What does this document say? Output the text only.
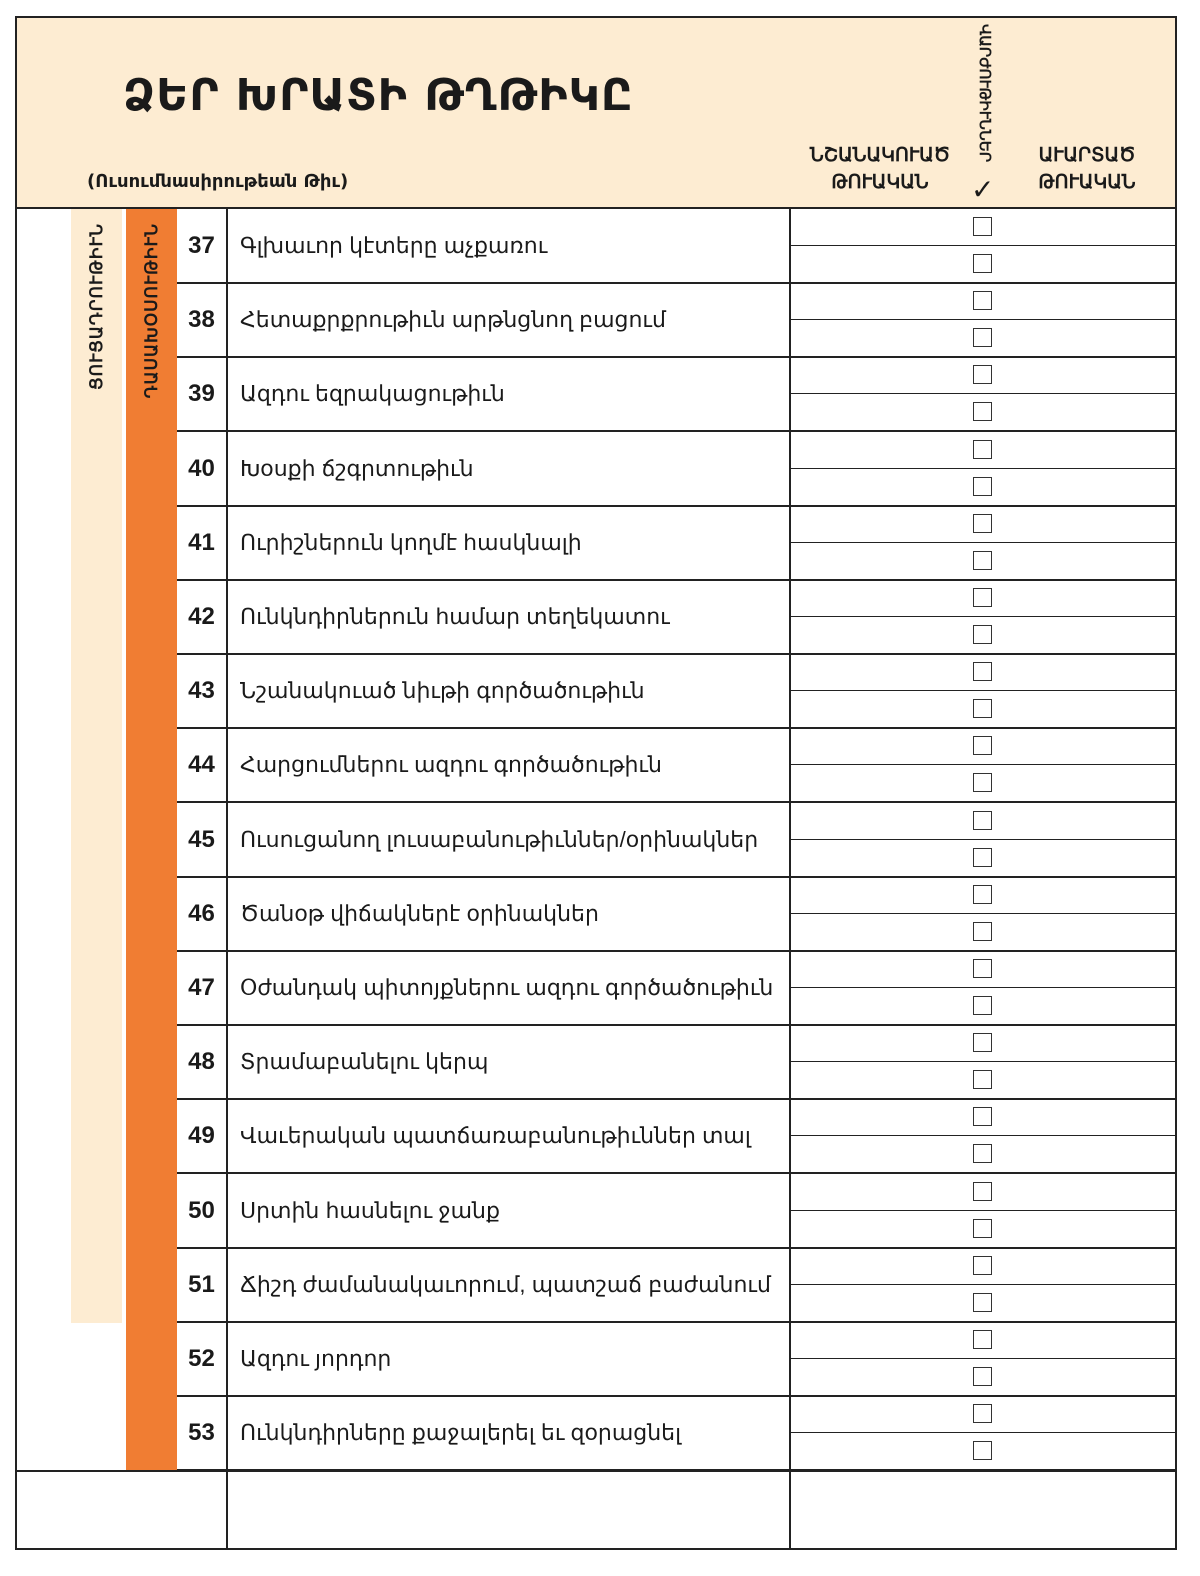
ՁԵՐ ԽՐԱՏԻ ԹՂԹԻԿԸ
(Ուսումնասիրութեան Թիւ)
ՆՇԱՆԱԿՈՒԱԾ ԹՈՒԱԿԱՆ
ՎԱՐԺՈՒԹԻՒՆՆԵՐ
✓
ԱՒԱՐՏԱԾ ԹՈՒԱԿԱՆ
ՑՈՒՑԱԴՐՈՒԹԻՒՆ	ԴԱՍԱԽՕՍՈՒԹԻՒՆ	37	Գլխաւոր կէտերը աչքառու
38	Հետաքրքրութիւն արթնցնող բացում
39	Ազդու եզրակացութիւն
40	Խօսքի ճշգրտութիւն
41	Ուրիշներուն կողմէ հասկնալի
42	Ունկնդիրներուն համար տեղեկատու
43	Նշանակուած նիւթի գործածութիւն
44	Հարցումներու ազդու գործածութիւն
45	Ուսուցանող լուսաբանութիւններ/օրինակներ
46	Ծանօթ վիճակներէ օրինակներ
47	Օժանդակ պիտոյքներու ազդու գործածութիւն
48	Տրամաբանելու կերպ
49	Վաւերական պատճառաբանութիւններ տալ
50	Սրտին հասնելու ջանք
51	Ճիշդ ժամանակաւորում, պատշաճ բաժանում
52	Ազդու յորդոր
53	Ունկնդիրները քաջալերել եւ զօրացնել
